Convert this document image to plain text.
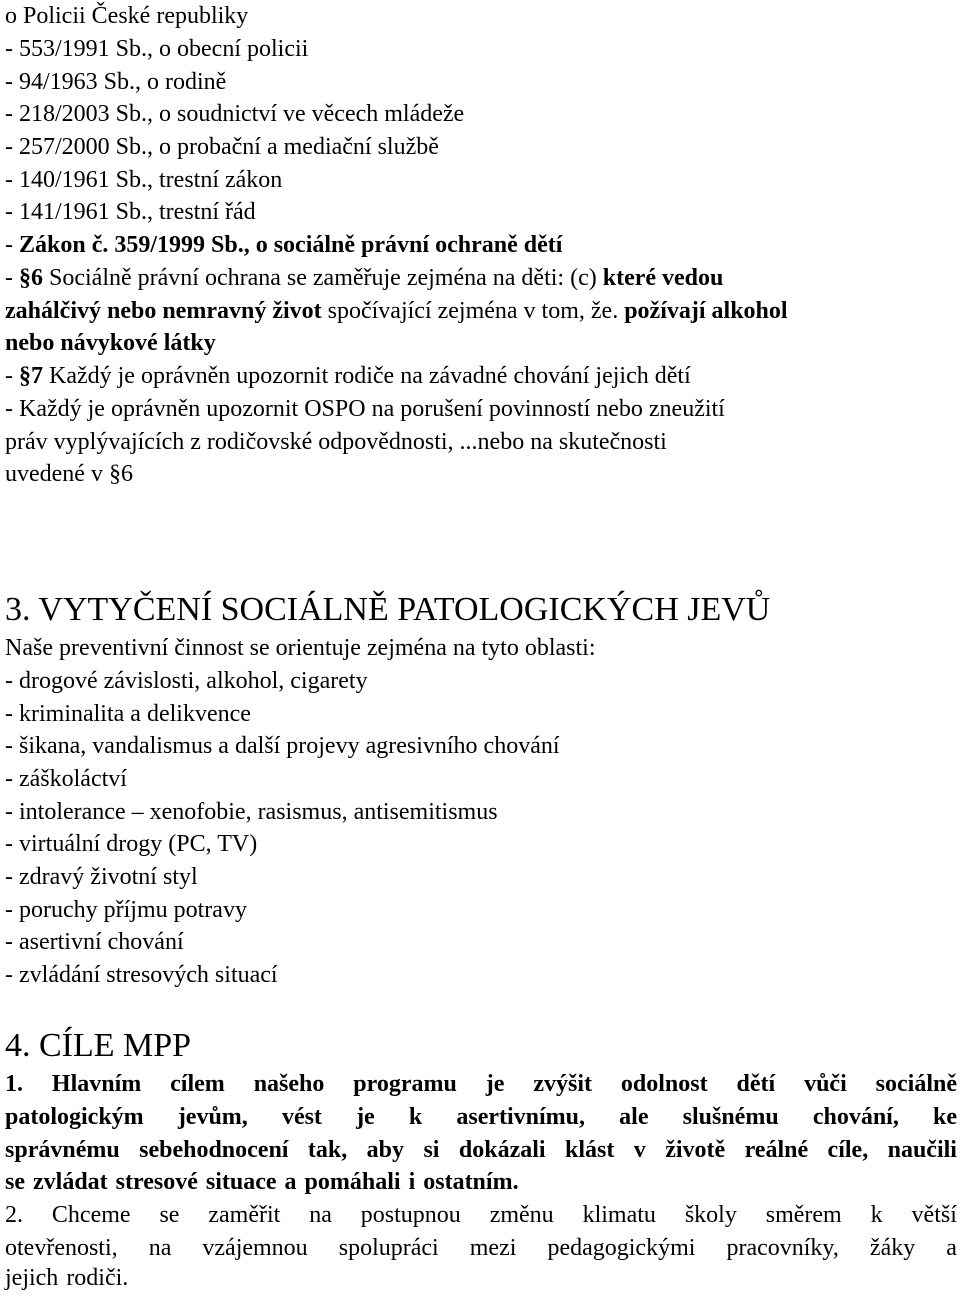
o Policii České republiky
- 553/1991 Sb., o obecní policii
- 94/1963 Sb., o rodině
- 218/2003 Sb., o soudnictví ve věcech mládeže
- 257/2000 Sb., o probační a mediační službě
- 140/1961 Sb., trestní zákon
- 141/1961 Sb., trestní řád
- Zákon č. 359/1999 Sb., o sociálně právní ochraně dětí
- §6 Sociálně právní ochrana se zaměřuje zejména na děti: (c) které vedou
zahálčivý nebo nemravný život spočívající zejména v tom, že. požívají alkohol
nebo návykové látky
- §7 Každý je oprávněn upozornit rodiče na závadné chování jejich dětí
- Každý je oprávněn upozornit OSPO na porušení povinností nebo zneužití
práv vyplývajících z rodičovské odpovědnosti, ...nebo na skutečnosti
uvedené v §6
3. VYTYČENÍ SOCIÁLNĚ PATOLOGICKÝCH JEVŮ
Naše preventivní činnost se orientuje zejména na tyto oblasti:
- drogové závislosti, alkohol, cigarety
- kriminalita a delikvence
- šikana, vandalismus a další projevy agresivního chování
- záškoláctví
- intolerance – xenofobie, rasismus, antisemitismus
- virtuální drogy (PC, TV)
- zdravý životní styl
- poruchy příjmu potravy
- asertivní chování
- zvládání stresových situací
4. CÍLE MPP
1. Hlavním cílem našeho programu je zvýšit odolnost dětí vůči sociálně
patologickým jevům, vést je k asertivnímu, ale slušnému chování, ke
správnému sebehodnocení tak, aby si dokázali klást v životě reálné cíle, naučili
se zvládat stresové situace a pomáhali i ostatním.
2. Chceme se zaměřit na postupnou změnu klimatu školy směrem k větší
otevřenosti, na vzájemnou spolupráci mezi pedagogickými pracovníky, žáky a
jejich rodiči.
